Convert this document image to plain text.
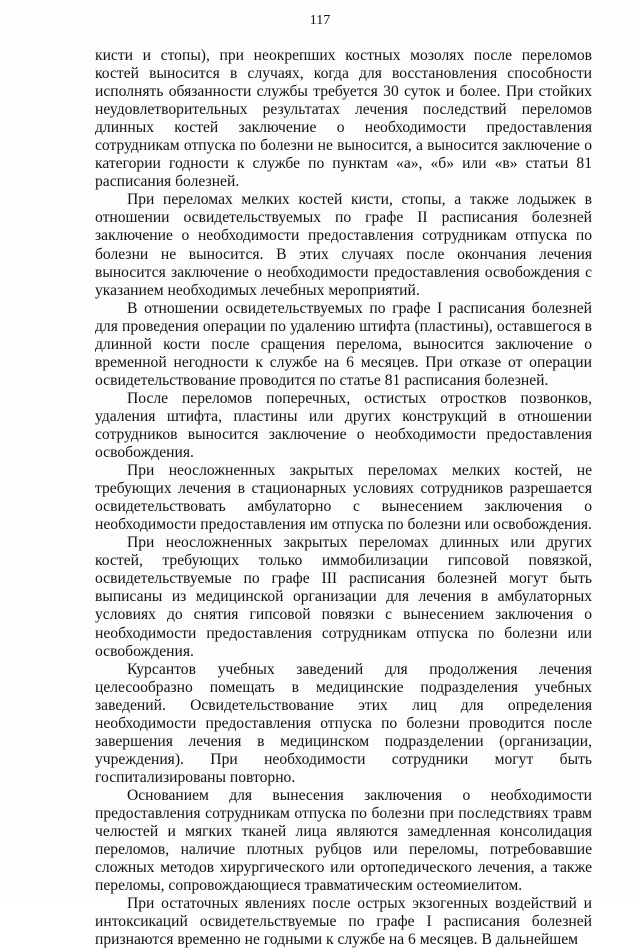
117

кисти и стопы), при неокрепших костных мозолях после переломов костей выносится в случаях, когда для восстановления способности исполнять обязанности службы требуется 30 суток и более. При стойких неудовлетворительных результатах лечения последствий переломов длинных костей заключение о необходимости предоставления сотрудникам отпуска по болезни не выносится, а выносится заключение о категории годности к службе по пунктам «а», «б» или «в» статьи 81 расписания болезней.

При переломах мелких костей кисти, стопы, а также лодыжек в отношении освидетельствуемых по графе II расписания болезней заключение о необходимости предоставления сотрудникам отпуска по болезни не выносится. В этих случаях после окончания лечения выносится заключение о необходимости предоставления освобождения с указанием необходимых лечебных мероприятий.

В отношении освидетельствуемых по графе I расписания болезней для проведения операции по удалению штифта (пластины), оставшегося в длинной кости после сращения перелома, выносится заключение о временной негодности к службе на 6 месяцев. При отказе от операции освидетельствование проводится по статье 81 расписания болезней.

После переломов поперечных, остистых отростков позвонков, удаления штифта, пластины или других конструкций в отношении сотрудников выносится заключение о необходимости предоставления освобождения.

При неосложненных закрытых переломах мелких костей, не требующих лечения в стационарных условиях сотрудников разрешается освидетельствовать амбулаторно с вынесением заключения о необходимости предоставления им отпуска по болезни или освобождения.

При неосложненных закрытых переломах длинных или других костей, требующих только иммобилизации гипсовой повязкой, освидетельствуемые по графе III расписания болезней могут быть выписаны из медицинской организации для лечения в амбулаторных условиях до снятия гипсовой повязки с вынесением заключения о необходимости предоставления сотрудникам отпуска по болезни или освобождения.

Курсантов учебных заведений для продолжения лечения целесообразно помещать в медицинские подразделения учебных заведений. Освидетельствование этих лиц для определения необходимости предоставления отпуска по болезни проводится после завершения лечения в медицинском подразделении (организации, учреждения). При необходимости сотрудники могут быть госпитализированы повторно.

Основанием для вынесения заключения о необходимости предоставления сотрудникам отпуска по болезни при последствиях травм челюстей и мягких тканей лица являются замедленная консолидация переломов, наличие плотных рубцов или переломы, потребовавшие сложных методов хирургического или ортопедического лечения, а также переломы, сопровождающиеся травматическим остеомиелитом.

При остаточных явлениях после острых экзогенных воздействий и интоксикаций освидетельствуемые по графе I расписания болезней признаются временно не годными к службе на 6 месяцев. В дальнейшем
